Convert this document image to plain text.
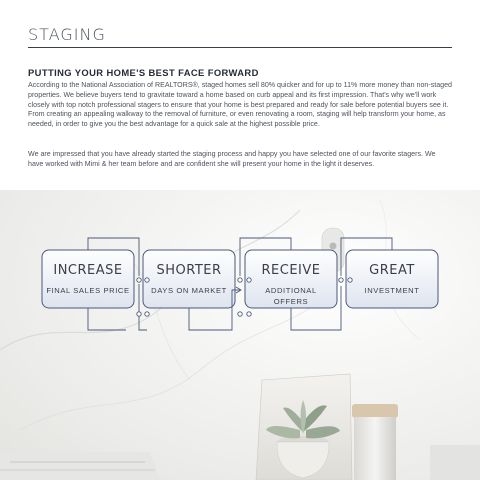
STAGING
PUTTING YOUR HOME'S BEST FACE FORWARD

According to the National Association of REALTORS®, staged homes sell 80% quicker and for up to 11% more money than non-staged properties. We believe buyers tend to gravitate toward a home based on curb appeal and its first impression. That's why we'll work closely with top notch professional stagers to ensure that your home is best prepared and ready for sale before potential buyers see it. From creating an appealing walkway to the removal of furniture, or even renovating a room, staging will help transform your home, as needed, in order to give you the best advantage for a quick sale at the highest possible price.

We are impressed that you have already started the staging process and happy you have selected one of our favorite stagers. We have worked with Mimi & her team before and are confident she will present your home in the light it deserves.

INCREASE
FINAL SALES PRICE
SHORTER
DAYS ON MARKET
RECEIVE
ADDITIONAL OFFERS
GREAT
INVESTMENT
